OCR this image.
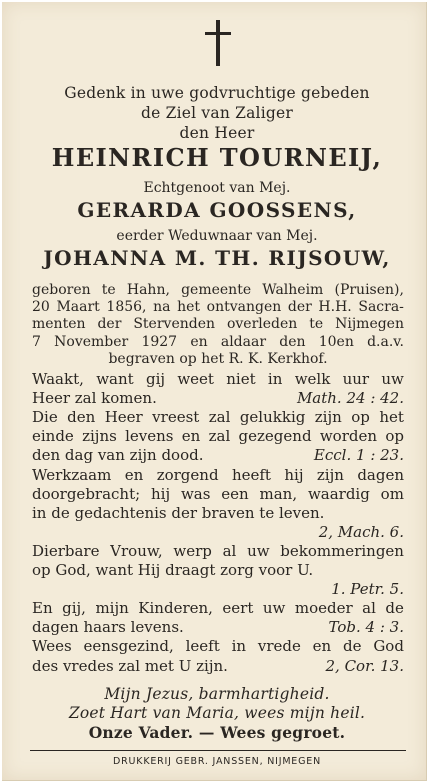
Gedenk in uwe godvruchtige gebeden
de Ziel van Zaliger
den Heer
HEINRICH TOURNEIJ,
Echtgenoot van Mej.
GERARDA GOOSSENS,
eerder Weduwnaar van Mej.
JOHANNA M. TH. RIJSOUW,
geboren te Hahn, gemeente Walheim (Pruisen),
20 Maart 1856, na het ontvangen der H.H. Sacra-
menten der Stervenden overleden te Nijmegen
7 November 1927 en aldaar den 10en d.a.v.
begraven op het R. K. Kerkhof.
Waakt, want gij weet niet in welk uur uw
Heer zal komen.	Math. 24 : 42.
Die den Heer vreest zal gelukkig zijn op het
einde zijns levens en zal gezegend worden op
den dag van zijn dood.	Eccl. 1 : 23.
Werkzaam en zorgend heeft hij zijn dagen
doorgebracht; hij was een man, waardig om
in de gedachtenis der braven te leven.
2, Mach. 6.
Dierbare Vrouw, werp al uw bekommeringen
op God, want Hij draagt zorg voor U.
1. Petr. 5.
En gij, mijn Kinderen, eert uw moeder al de
dagen haars levens.	Tob. 4 : 3.
Wees eensgezind, leeft in vrede en de God
des vredes zal met U zijn.	2, Cor. 13.
Mijn Jezus, barmhartigheid.
Zoet Hart van Maria, wees mijn heil.
Onze Vader. — Wees gegroet.
DRUKKERIJ GEBR. JANSSEN, NIJMEGEN
